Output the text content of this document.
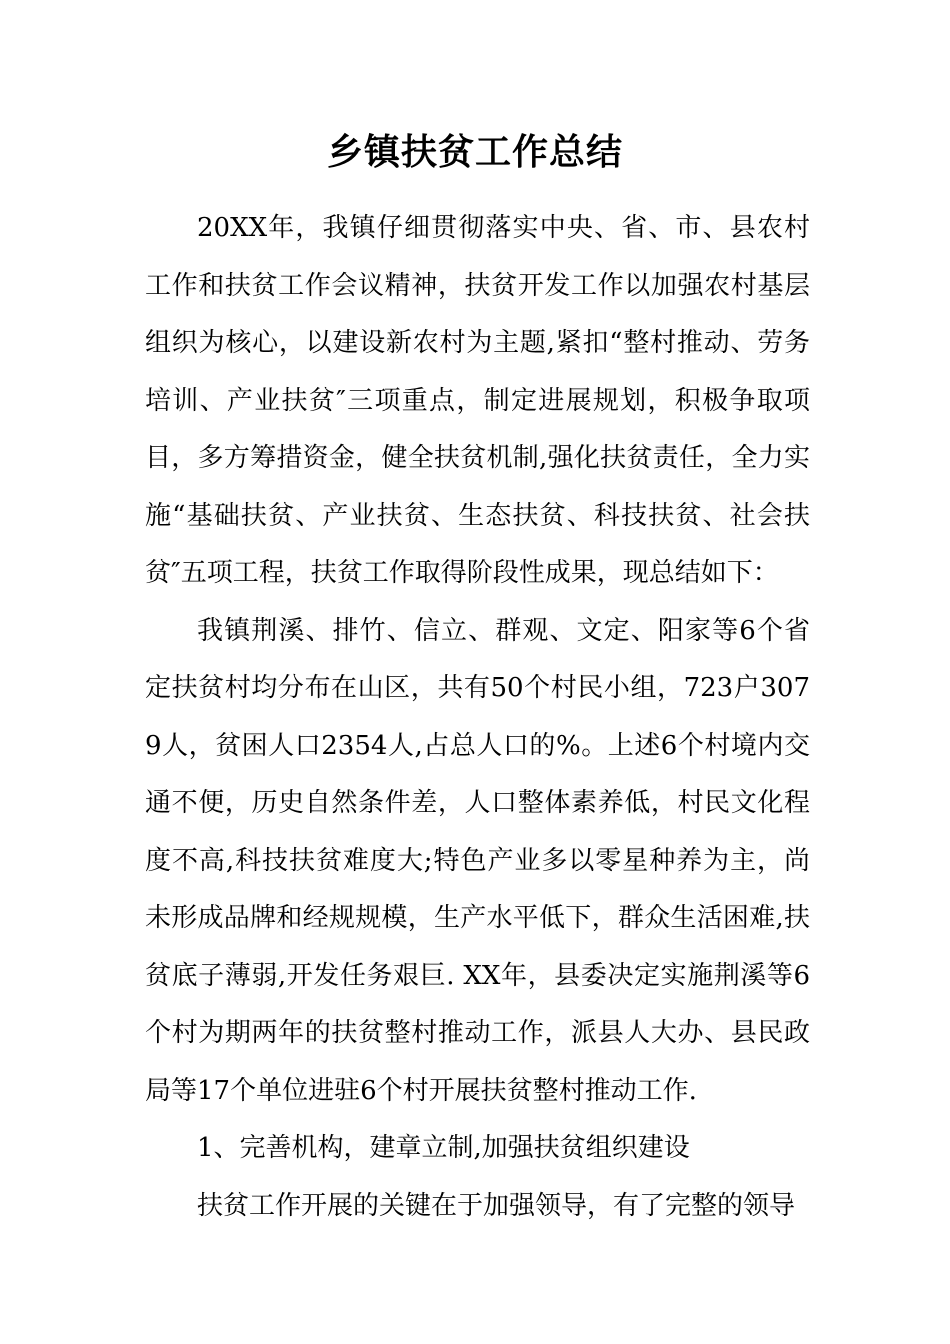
乡镇扶贫工作总结

20XX年，我镇仔细贯彻落实中央、省、市、县农村工作和扶贫工作会议精神，扶贫开发工作以加强农村基层组织为核心，以建设新农村为主题,紧扣“整村推动、劳务培训、产业扶贫″三项重点，制定进展规划，积极争取项目，多方筹措资金，健全扶贫机制,强化扶贫责任，全力实施“基础扶贫、产业扶贫、生态扶贫、科技扶贫、社会扶贫″五项工程，扶贫工作取得阶段性成果，现总结如下：

我镇荆溪、排竹、信立、群观、文定、阳家等6个省定扶贫村均分布在山区，共有50个村民小组，723户3079人，贫困人口2354人,占总人口的%。上述6个村境内交通不便，历史自然条件差，人口整体素养低，村民文化程度不高,科技扶贫难度大;特色产业多以零星种养为主，尚未形成品牌和经规规模，生产水平低下，群众生活困难,扶贫底子薄弱,开发任务艰巨. XX年，县委决定实施荆溪等6个村为期两年的扶贫整村推动工作，派县人大办、县民政局等17个单位进驻6个村开展扶贫整村推动工作.

1、完善机构，建章立制,加强扶贫组织建设

扶贫工作开展的关键在于加强领导，有了完整的领导
